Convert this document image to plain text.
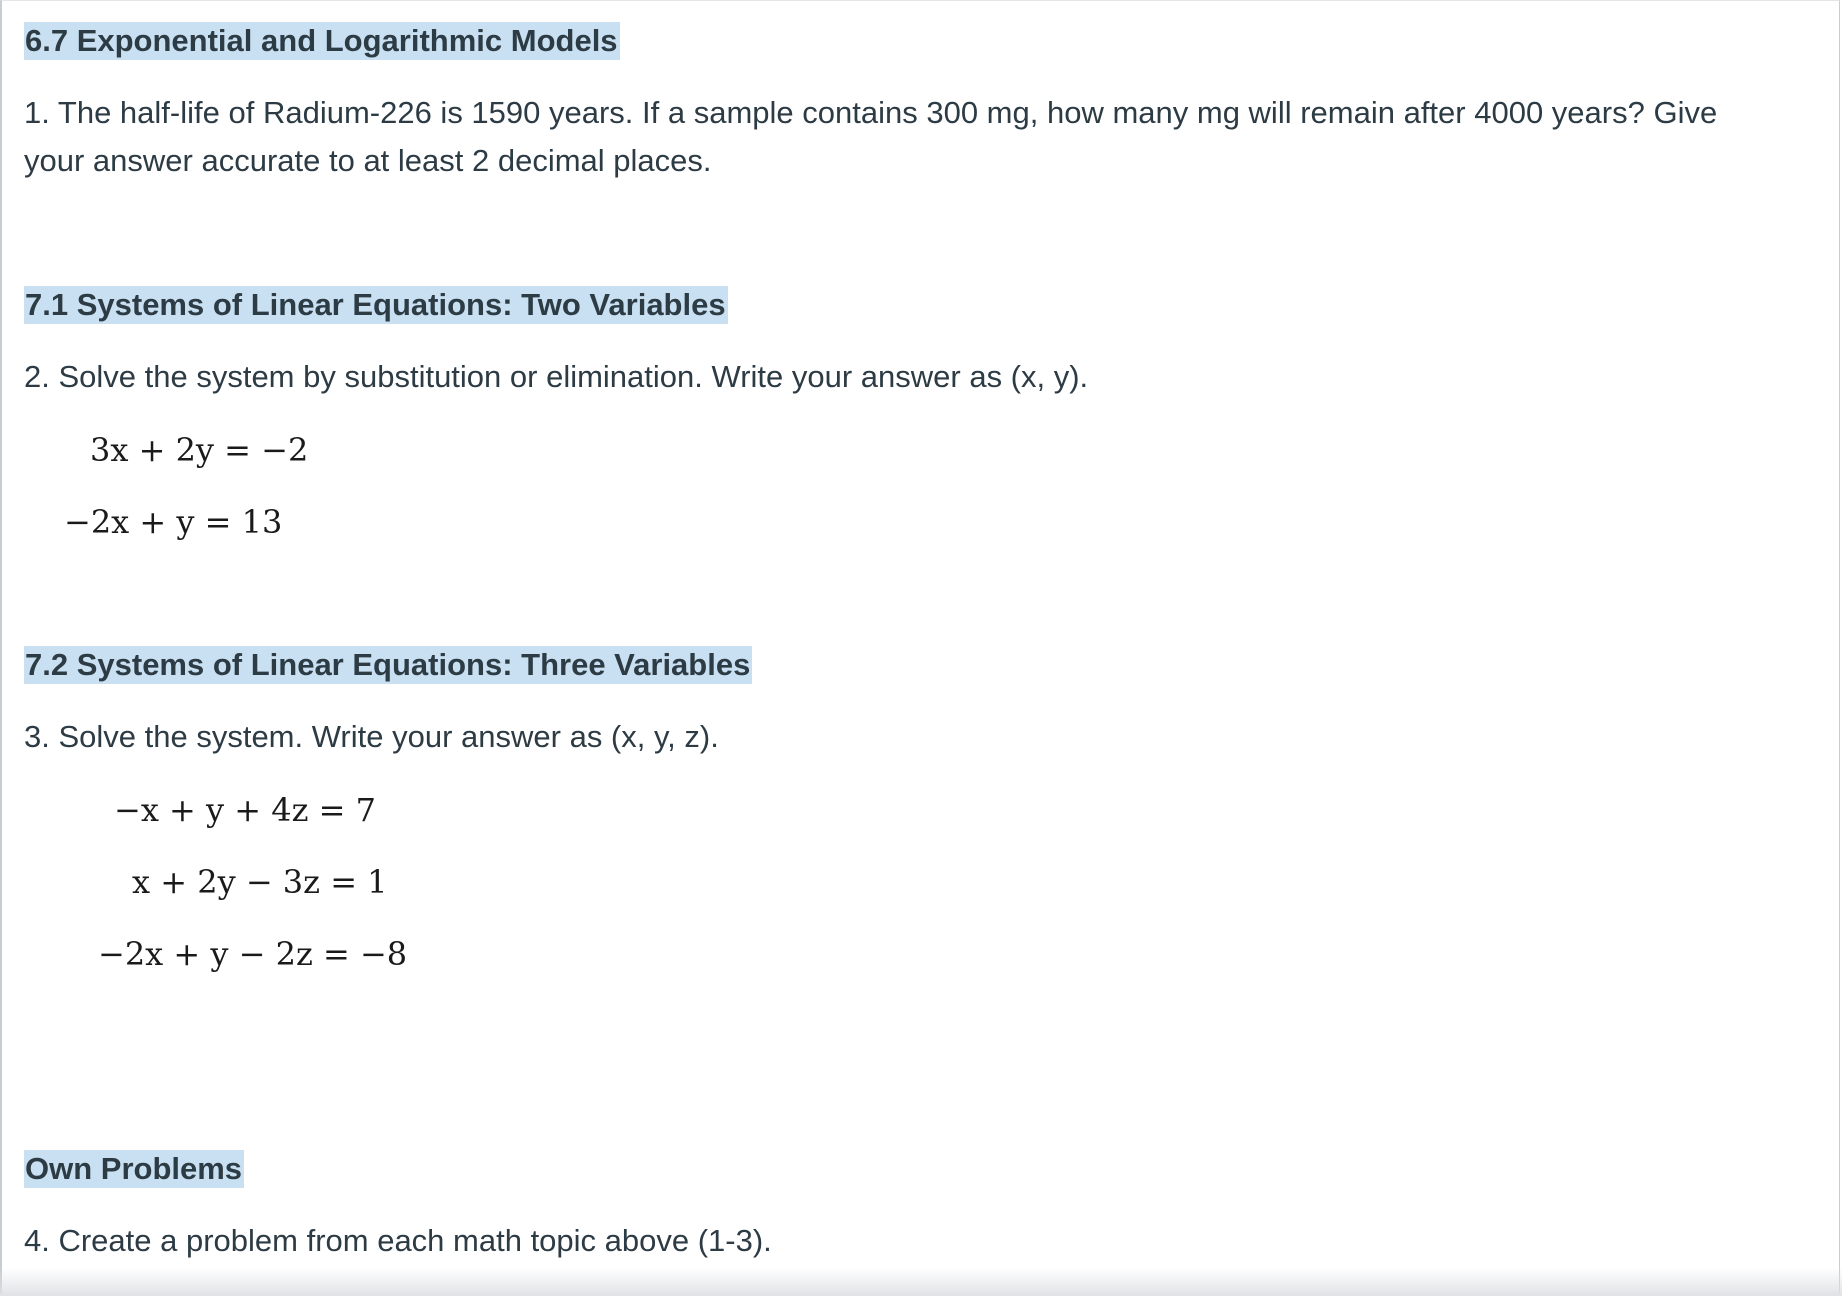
6.7 Exponential and Logarithmic Models
1. The half-life of Radium-226 is 1590 years. If a sample contains 300 mg, how many mg will remain after 4000 years? Give your answer accurate to at least 2 decimal places.
7.1 Systems of Linear Equations: Two Variables
2. Solve the system by substitution or elimination. Write your answer as (x, y).
3x + 2y = −2
−2x + y = 13
7.2 Systems of Linear Equations: Three Variables
3. Solve the system. Write your answer as (x, y, z).
−x + y + 4z = 7
x + 2y − 3z = 1
−2x + y − 2z = −8
Own Problems
4. Create a problem from each math topic above (1-3).
